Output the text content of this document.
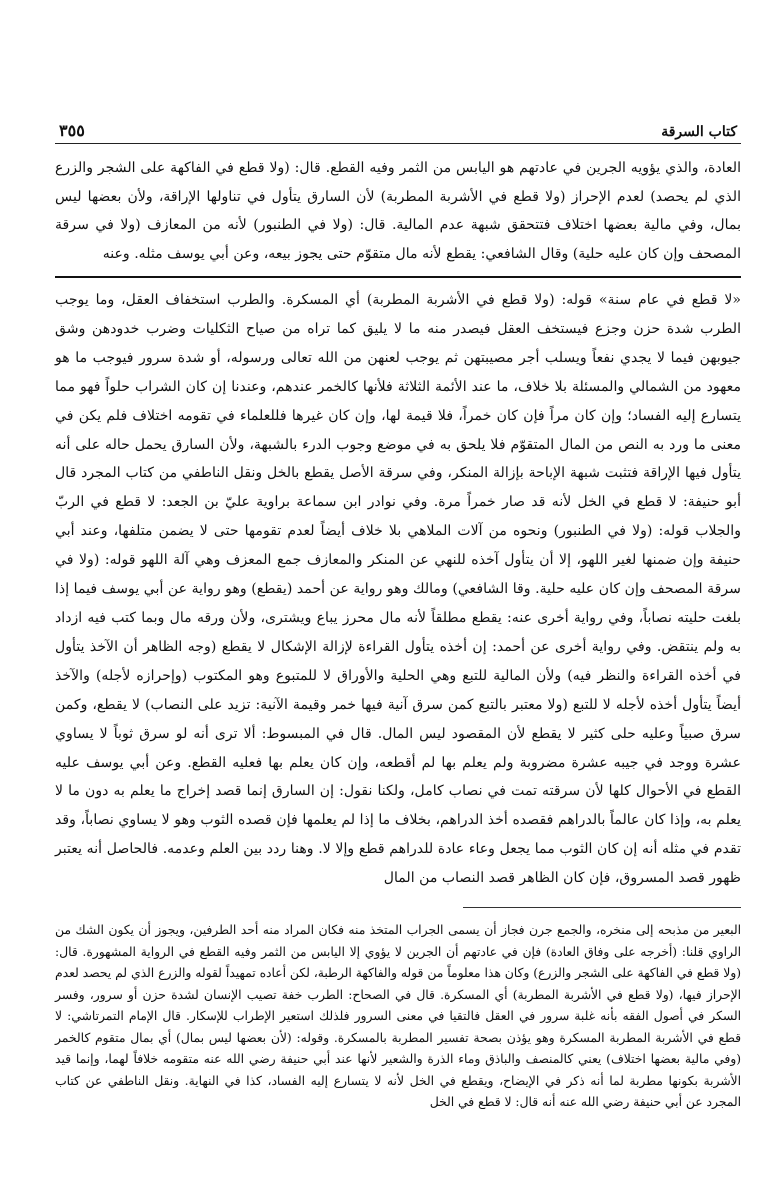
كتاب السرقة
٣٥٥

العادة، والذي يؤويه الجرين في عادتهم هو اليابس من الثمر وفيه القطع. قال: (ولا قطع في الفاكهة على الشجر والزرع الذي لم يحصد) لعدم الإحراز (ولا قطع في الأشربة المطربة) لأن السارق يتأول في تناولها الإراقة، ولأن بعضها ليس بمال، وفي مالية بعضها اختلاف فتتحقق شبهة عدم المالية. قال: (ولا في الطنبور) لأنه من المعازف (ولا في سرقة المصحف وإن كان عليه حلية) وقال الشافعي: يقطع لأنه مال متقوّم حتى يجوز بيعه، وعن أبي يوسف مثله. وعنه

«لا قطع في عام سنة» قوله: (ولا قطع في الأشربة المطربة) أي المسكرة. والطرب استخفاف العقل، وما يوجب الطرب شدة حزن وجزع فيستخف العقل فيصدر منه ما لا يليق كما تراه من صياح الثكليات وضرب خدودهن وشق جيوبهن فيما لا يجدي نفعاً ويسلب أجر مصيبتهن ثم يوجب لعنهن من الله تعالى ورسوله، أو شدة سرور فيوجب ما هو معهود من الشمالي والمسئلة بلا خلاف، ما عند الأئمة الثلاثة فلأنها كالخمر عندهم، وعندنا إن كان الشراب حلواً فهو مما يتسارع إليه الفساد؛ وإن كان مراً فإن كان خمراً، فلا قيمة لها، وإن كان غيرها فللعلماء في تقومه اختلاف فلم يكن في معنى ما ورد به النص من المال المتقوّم فلا يلحق به في موضع وجوب الدرء بالشبهة، ولأن السارق يحمل حاله على أنه يتأول فيها الإراقة فتثبت شبهة الإباحة بإزالة المنكر، وفي سرقة الأصل يقطع بالخل ونقل الناطفي من كتاب المجرد قال أبو حنيفة: لا قطع في الخل لأنه قد صار خمراً مرة. وفي نوادر ابن سماعة براوية عليّ بن الجعد: لا قطع في الربّ والجلاب قوله: (ولا في الطنبور) ونحوه من آلات الملاهي بلا خلاف أيضاً لعدم تقومها حتى لا يضمن متلفها، وعند أبي حنيفة وإن ضمنها لغير اللهو، إلا أن يتأول آخذه للنهي عن المنكر والمعازف جمع المعزف وهي آلة اللهو قوله: (ولا في سرقة المصحف وإن كان عليه حلية. وقا الشافعي) ومالك وهو رواية عن أحمد (يقطع) وهو رواية عن أبي يوسف فيما إذا بلغت حليته نصاباً، وفي رواية أخرى عنه: يقطع مطلقاً لأنه مال محرز يباع ويشترى، ولأن ورقه مال وبما كتب فيه ازداد به ولم ينتقض. وفي رواية أخرى عن أحمد: إن أخذه يتأول القراءة لإزالة الإشكال لا يقطع (وجه الظاهر أن الآخذ يتأول في أخذه القراءة والنظر فيه) ولأن المالية للتبع وهي الحلية والأوراق لا للمتبوع وهو المكتوب (وإحرازه لأجله) والآخذ أيضاً يتأول أخذه لأجله لا للتبع (ولا معتبر بالتبع كمن سرق آنية فيها خمر وقيمة الآنية: تزيد على النصاب) لا يقطع، وكمن سرق صبياً وعليه حلى كثير لا يقطع لأن المقصود ليس المال. قال في المبسوط: ألا ترى أنه لو سرق ثوباً لا يساوي عشرة ووجد في جيبه عشرة مضروبة ولم يعلم بها لم أقطعه، وإن كان يعلم بها فعليه القطع. وعن أبي يوسف عليه القطع في الأحوال كلها لأن سرقته تمت في نصاب كامل، ولكنا نقول: إن السارق إنما قصد إخراج ما يعلم به دون ما لا يعلم به، وإذا كان عالماً بالدراهم فقصده أخذ الدراهم، بخلاف ما إذا لم يعلمها فإن قصده الثوب وهو لا يساوي نصاباً، وقد تقدم في مثله أنه إن كان الثوب مما يجعل وعاء عادة للدراهم قطع وإلا لا. وهنا ردد بين العلم وعدمه. فالحاصل أنه يعتبر ظهور قصد المسروق، فإن كان الظاهر قصد النصاب من المال

البعير من مذبحه إلى منخره، والجمع جرن فجاز أن يسمى الجراب المتخذ منه فكان المراد منه أحد الطرفين، ويجوز أن يكون الشك من الراوي قلنا: (أخرجه على وفاق العادة) فإن في عادتهم أن الجرين لا يؤوي إلا اليابس من الثمر وفيه القطع في الرواية المشهورة. قال: (ولا قطع في الفاكهة على الشجر والزرع) وكان هذا معلوماً من قوله والفاكهة الرطبة، لكن أعاده تمهيداً لقوله والزرع الذي لم يحصد لعدم الإحراز فيها، (ولا قطع في الأشربة المطربة) أي المسكرة. قال في الصحاح: الطرب خفة تصيب الإنسان لشدة حزن أو سرور، وفسر السكر في أصول الفقه بأنه غلبة سرور في العقل فالتقيا في معنى السرور فلذلك استعير الإطراب للإسكار. قال الإمام التمرتاشي: لا قطع في الأشربة المطربة المسكرة وهو يؤذن بصحة تفسير المطربة بالمسكرة. وقوله: (لأن بعضها ليس بمال) أي بمال متقوم كالخمر (وفي مالية بعضها اختلاف) يعني كالمنصف والباذق وماء الذرة والشعير لأنها عند أبي حنيفة رضي الله عنه متقومه خلافاً لهما، وإنما قيد الأشربة بكونها مطربة لما أنه ذكر في الإيضاح، ويقطع في الخل لأنه لا يتسارع إليه الفساد، كذا في النهاية. ونقل الناطفي عن كتاب المجرد عن أبي حنيفة رضي الله عنه أنه قال: لا قطع في الخل
